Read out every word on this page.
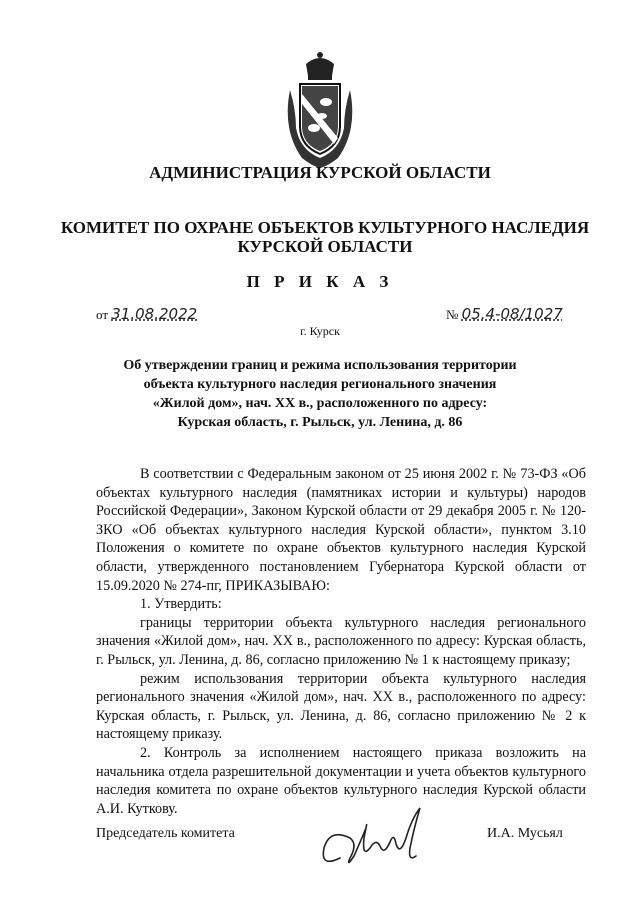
АДМИНИСТРАЦИЯ КУРСКОЙ ОБЛАСТИ
КОМИТЕТ ПО ОХРАНЕ ОБЪЕКТОВ КУЛЬТУРНОГО НАСЛЕДИЯ
КУРСКОЙ ОБЛАСТИ
П Р И К А З
от 31.08.2022	№ 05.4-08/1027
г. Курск
Об утверждении границ и режима использования территории
объекта культурного наследия регионального значения
«Жилой дом», нач. XX в., расположенного по адресу:
Курская область, г. Рыльск, ул. Ленина, д. 86

В соответствии с Федеральным законом от 25 июня 2002 г. № 73-ФЗ «Об объектах культурного наследия (памятниках истории и культуры) народов Российской Федерации», Законом Курской области от 29 декабря 2005 г. № 120-ЗКО «Об объектах культурного наследия Курской области», пунктом 3.10 Положения о комитете по охране объектов культурного наследия Курской области, утвержденного постановлением Губернатора Курской области от 15.09.2020 № 274-пг, ПРИКАЗЫВАЮ:

1. Утвердить:

границы территории объекта культурного наследия регионального значения «Жилой дом», нач. XX в., расположенного по адресу: Курская область, г. Рыльск, ул. Ленина, д. 86, согласно приложению № 1 к настоящему приказу;

режим использования территории объекта культурного наследия регионального значения «Жилой дом», нач. XX в., расположенного по адресу: Курская область, г. Рыльск, ул. Ленина, д. 86, согласно приложению № 2 к настоящему приказу.

2. Контроль за исполнением настоящего приказа возложить на начальника отдела разрешительной документации и учета объектов культурного наследия комитета по охране объектов культурного наследия Курской области А.И. Куткову.

Председатель комитета	И.А. Мусьял
